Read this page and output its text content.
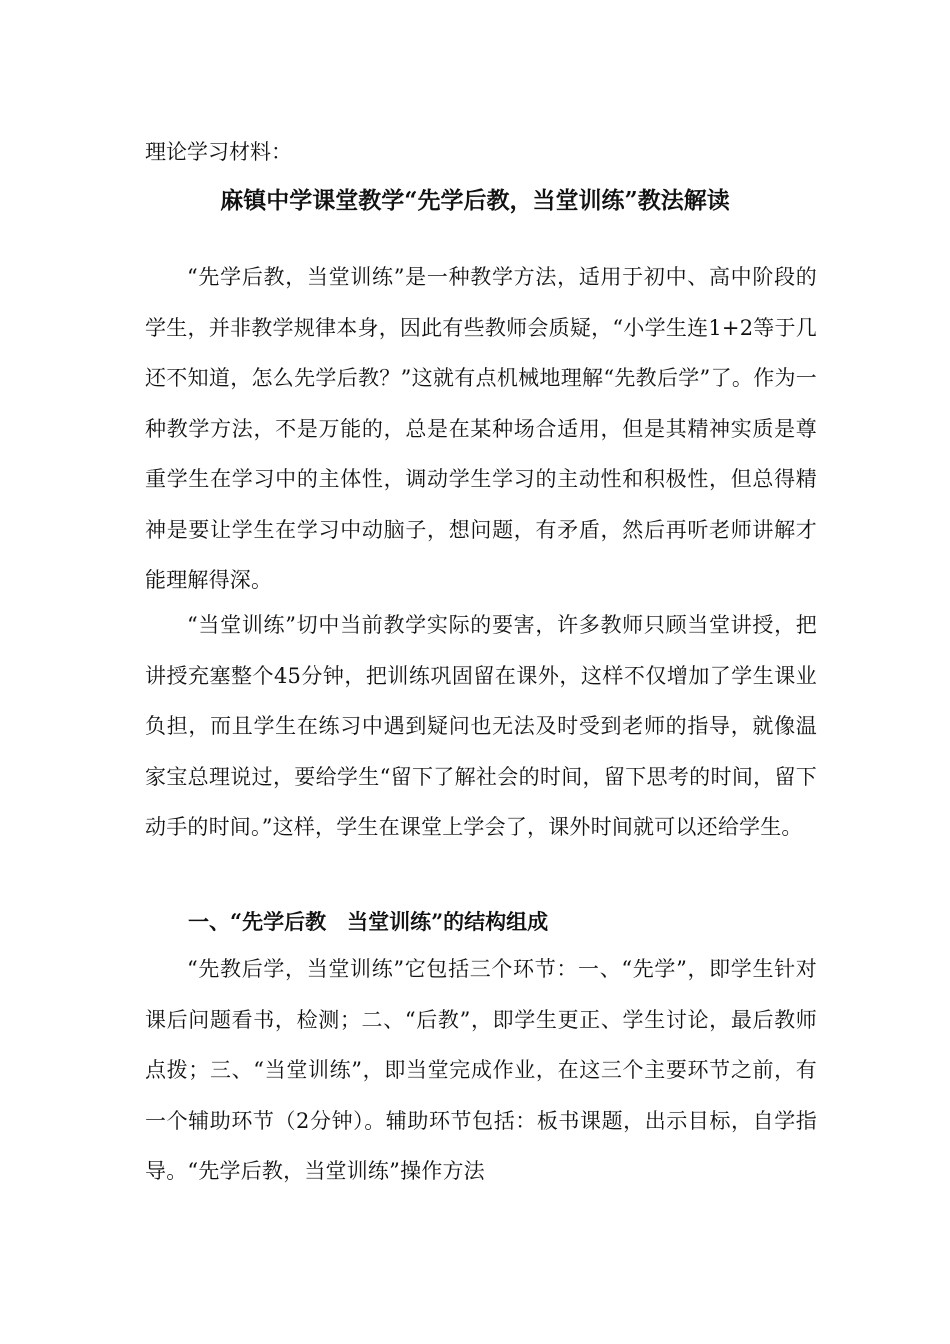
理论学习材料：
麻镇中学课堂教学“先学后教，当堂训练”教法解读

“先学后教，当堂训练”是一种教学方法，适用于初中、高中阶段的学生，并非教学规律本身，因此有些教师会质疑，“小学生连1+2等于几还不知道，怎么先学后教？”这就有点机械地理解“先教后学”了。作为一种教学方法，不是万能的，总是在某种场合适用，但是其精神实质是尊重学生在学习中的主体性，调动学生学习的主动性和积极性，但总得精神是要让学生在学习中动脑子，想问题，有矛盾，然后再听老师讲解才能理解得深。

“当堂训练”切中当前教学实际的要害，许多教师只顾当堂讲授，把讲授充塞整个45分钟，把训练巩固留在课外，这样不仅增加了学生课业负担，而且学生在练习中遇到疑问也无法及时受到老师的指导，就像温家宝总理说过，要给学生“留下了解社会的时间，留下思考的时间，留下动手的时间。”这样，学生在课堂上学会了，课外时间就可以还给学生。

一、“先学后教　当堂训练”的结构组成

“先教后学，当堂训练”它包括三个环节：一、“先学”，即学生针对课后问题看书，检测；二、“后教”，即学生更正、学生讨论，最后教师点拨；三、“当堂训练”，即当堂完成作业，在这三个主要环节之前，有一个辅助环节（2分钟）。辅助环节包括：板书课题，出示目标，自学指导。“先学后教，当堂训练”操作方法
